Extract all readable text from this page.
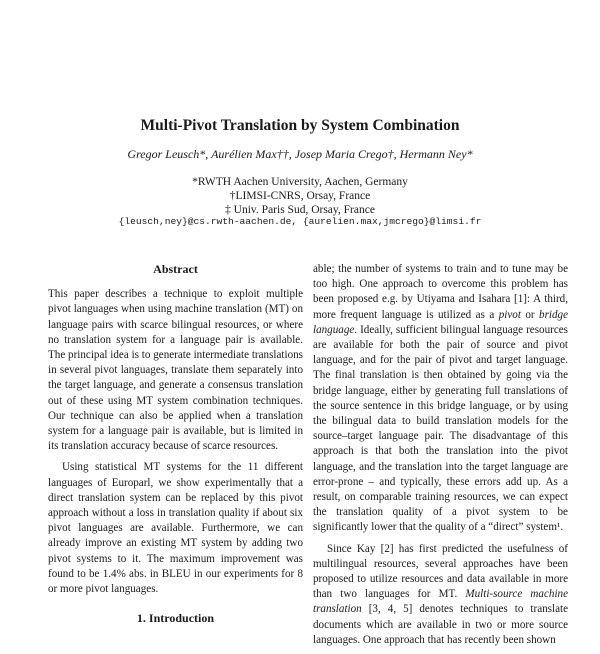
Multi-Pivot Translation by System Combination
Gregor Leusch*, Aurélien Max††, Josep Maria Crego†, Hermann Ney*
*RWTH Aachen University, Aachen, Germany
†LIMSI-CNRS, Orsay, France
‡ Univ. Paris Sud, Orsay, France
{leusch,ney}@cs.rwth-aachen.de, {aurelien.max,jmcrego}@limsi.fr
Abstract

This paper describes a technique to exploit multiple pivot languages when using machine translation (MT) on language pairs with scarce bilingual resources, or where no translation system for a language pair is available. The principal idea is to generate intermediate translations in several pivot languages, translate them separately into the target language, and generate a consensus translation out of these using MT system combination techniques. Our technique can also be applied when a translation system for a language pair is available, but is limited in its translation accuracy because of scarce resources.

Using statistical MT systems for the 11 different languages of Europarl, we show experimentally that a direct translation system can be replaced by this pivot approach without a loss in translation quality if about six pivot languages are available. Furthermore, we can already improve an existing MT system by adding two pivot systems to it. The maximum improvement was found to be 1.4% abs. in BLEU in our experiments for 8 or more pivot languages.

1. Introduction

able; the number of systems to train and to tune may be too high. One approach to overcome this problem has been proposed e.g. by Utiyama and Isahara [1]: A third, more frequent language is utilized as a pivot or bridge language. Ideally, sufficient bilingual language resources are available for both the pair of source and pivot language, and for the pair of pivot and target language. The final translation is then obtained by going via the bridge language, either by generating full translations of the source sentence in this bridge language, or by using the bilingual data to build translation models for the source–target language pair. The disadvantage of this approach is that both the translation into the pivot language, and the translation into the target language are error-prone – and typically, these errors add up. As a result, on comparable training resources, we can expect the translation quality of a pivot system to be significantly lower that the quality of a “direct” system¹.

Since Kay [2] has first predicted the usefulness of multilingual resources, several approaches have been proposed to utilize resources and data available in more than two languages for MT. Multi-source machine translation [3, 4, 5] denotes techniques to translate documents which are available in two or more source languages. One approach that has recently been shown
